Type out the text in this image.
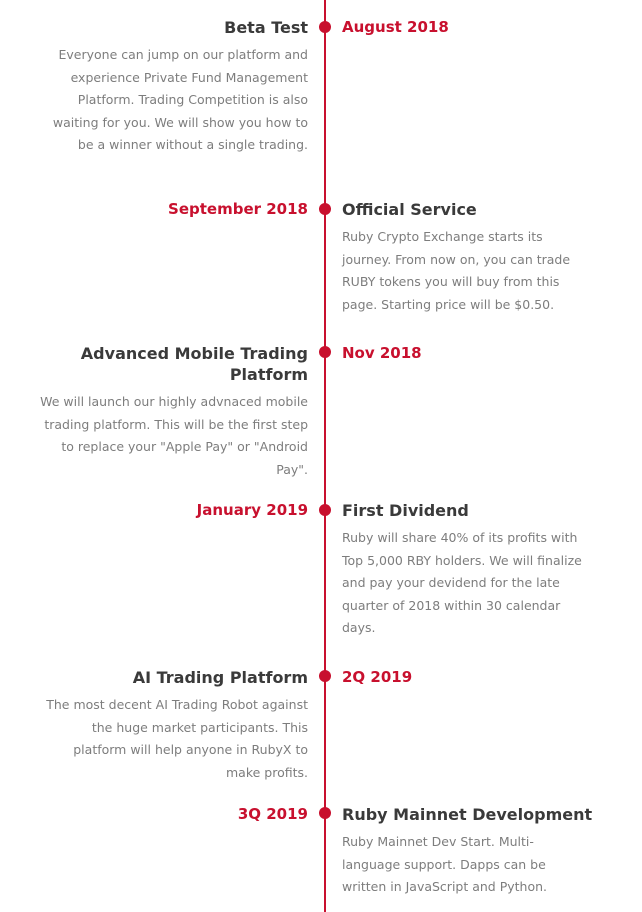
Beta Test

Everyone can jump on our platform and experience Private Fund Management Platform. Trading Competition is also waiting for you. We will show you how to be a winner without a single trading.

August 2018

September 2018 Official Service

Ruby Crypto Exchange starts its journey. From now on, you can trade RUBY tokens you will buy from this page. Starting price will be $0.50.

Advanced Mobile Trading Platform

We will launch our highly advnaced mobile trading platform. This will be the first step to replace your "Apple Pay" or "Android Pay".

Nov 2018

January 2019 First Dividend

Ruby will share 40% of its profits with Top 5,000 RBY holders. We will finalize and pay your devidend for the late quarter of 2018 within 30 calendar days.

AI Trading Platform

The most decent AI Trading Robot against the huge market participants. This platform will help anyone in RubyX to make profits.

2Q 2019

3Q 2019 Ruby Mainnet Development

Ruby Mainnet Dev Start. Multi-language support. Dapps can be written in JavaScript and Python.
